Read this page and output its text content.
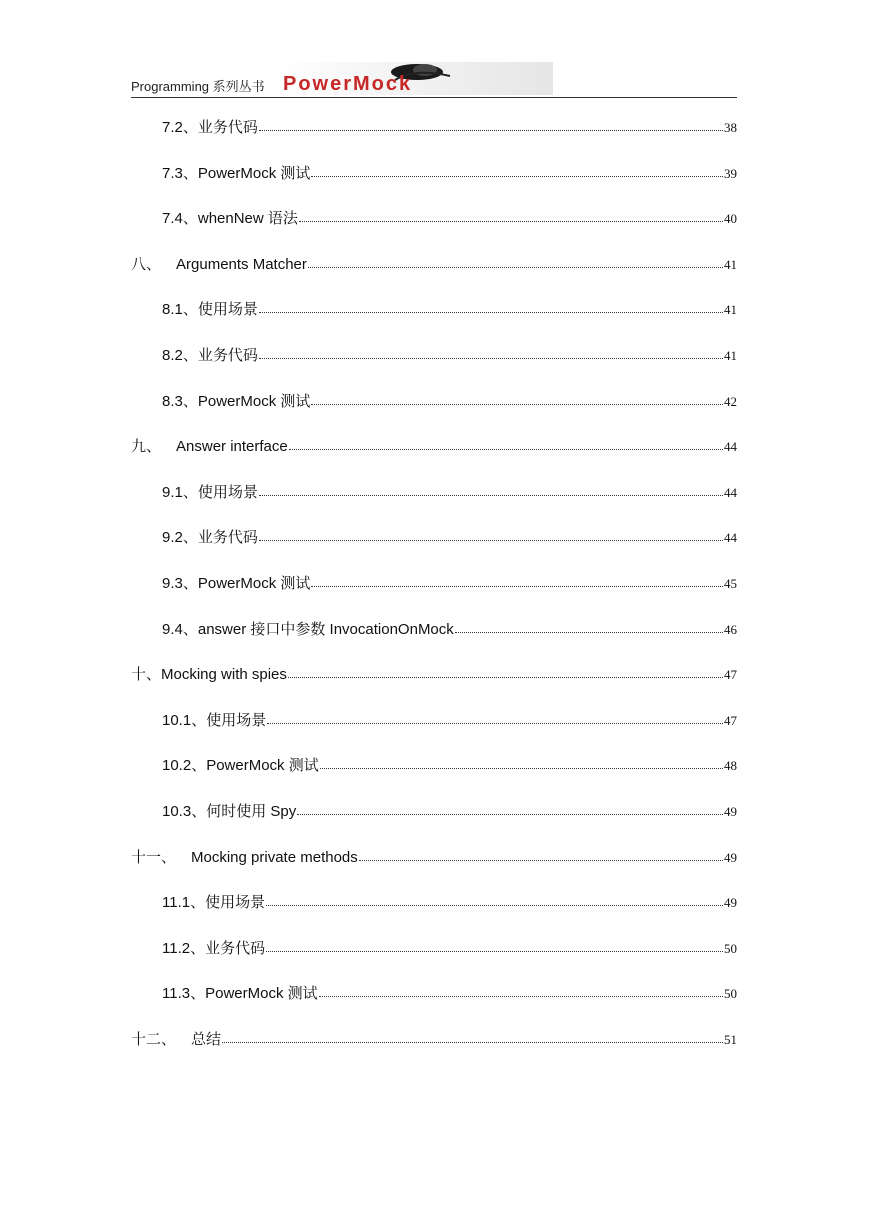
Programming 系列丛书 PowerMock
7.2、 业务代码	38
7.3、 PowerMock 测试	39
7.4、 whenNew 语法	40
八、 Arguments Matcher	41
8.1、 使用场景	41
8.2、 业务代码	41
8.3、 PowerMock 测试	42
九、 Answer interface	44
9.1、 使用场景	44
9.2、 业务代码	44
9.3、 PowerMock 测试	45
9.4、 answer 接口中参数 InvocationOnMock	46
十、 Mocking with spies	47
10.1、 使用场景	47
10.2、 PowerMock 测试	48
10.3、 何时使用 Spy	49
十一、 Mocking private methods	49
11.1、 使用场景	49
11.2、 业务代码	50
11.3、 PowerMock 测试	50
十二、 总结	51
